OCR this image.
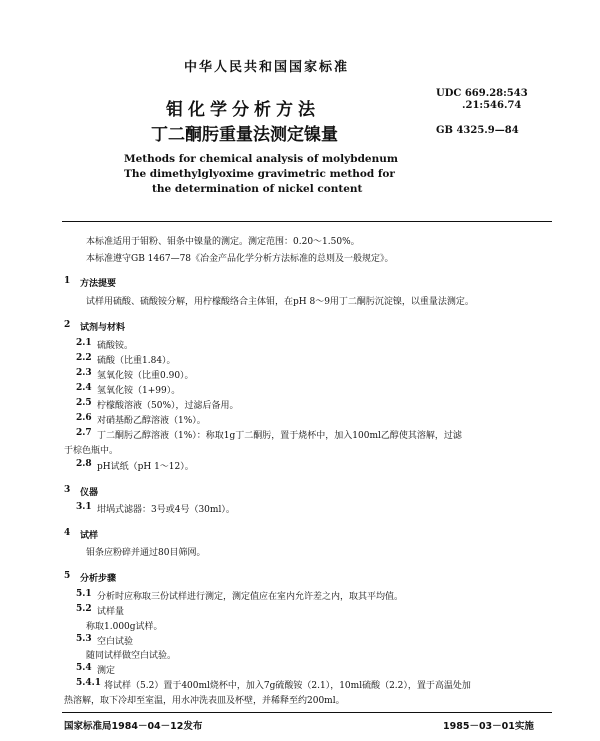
中华人民共和国国家标准
钼化学分析方法
丁二酮肟重量法测定镍量
UDC 669.28:543
.21:546.74
GB 4325.9—84
Methods for chemical analysis of molybdenum
The dimethylglyoxime gravimetric method for
the determination of nickel content
本标准适用于钼粉、钼条中镍量的测定。测定范围：0.20～1.50%。
本标准遵守GB 1467—78《冶金产品化学分析方法标准的总则及一般规定》。
1 方法提要
试样用硫酸、硫酸铵分解，用柠檬酸络合主体钼，在pH 8～9用丁二酮肟沉淀镍，以重量法测定。
2 试剂与材料
2.1 硫酸铵。
2.2 硫酸（比重1.84）。
2.3 氢氧化铵（比重0.90）。
2.4 氢氧化铵（1+99）。
2.5 柠檬酸溶液（50%），过滤后备用。
2.6 对硝基酚乙醇溶液（1%）。
2.7 丁二酮肟乙醇溶液（1%）：称取1g丁二酮肟，置于烧杯中，加入100ml乙醇使其溶解，过滤
于棕色瓶中。
2.8 pH试纸（pH 1～12）。
3 仪器
3.1 坩埚式滤器：3号或4号（30ml）。
4 试样
钼条应粉碎并通过80目筛网。
5 分析步骤
5.1 分析时应称取三份试样进行测定，测定值应在室内允许差之内，取其平均值。
5.2 试样量
称取1.000g试样。
5.3 空白试验
随同试样做空白试验。
5.4 测定
5.4.1 将试样（5.2）置于400ml烧杯中，加入7g硫酸铵（2.1），10ml硫酸（2.2），置于高温处加
热溶解，取下冷却至室温，用水冲洗表皿及杯壁，并稀释至约200ml。
国家标准局1984－04－12发布	1985－03－01实施
